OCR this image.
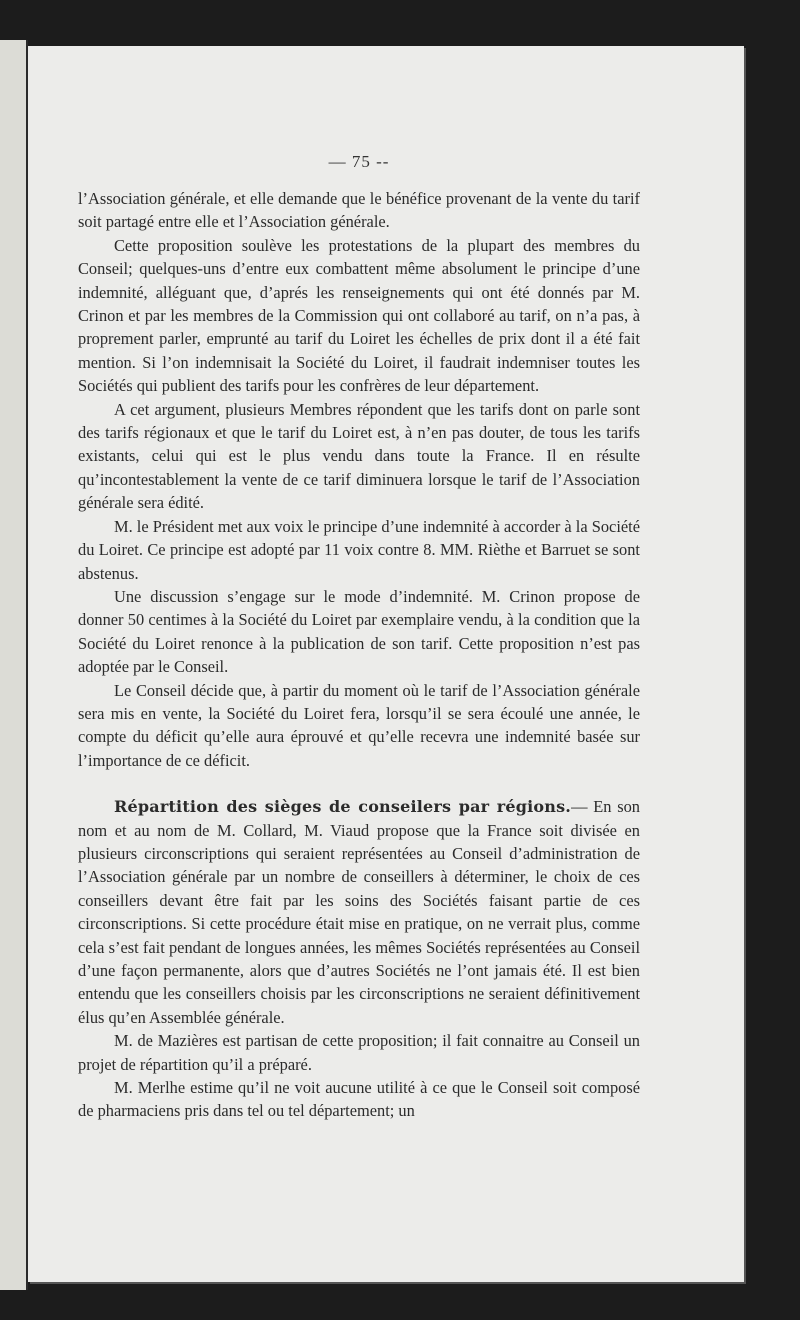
— 75 --

l’Association générale, et elle demande que le bénéfice provenant de la vente du tarif soit partagé entre elle et l’Association générale.

Cette proposition soulève les protestations de la plupart des membres du Conseil; quelques-uns d’entre eux combattent même absolument le principe d’une indemnité, alléguant que, d’aprés les renseignements qui ont été donnés par M. Crinon et par les membres de la Commission qui ont collaboré au tarif, on n’a pas, à proprement parler, emprunté au tarif du Loiret les échelles de prix dont il a été fait mention. Si l’on indemnisait la Société du Loiret, il faudrait indemniser toutes les Sociétés qui publient des tarifs pour les confrères de leur département.

A cet argument, plusieurs Membres répondent que les tarifs dont on parle sont des tarifs régionaux et que le tarif du Loiret est, à n’en pas douter, de tous les tarifs existants, celui qui est le plus vendu dans toute la France. Il en résulte qu’incontestablement la vente de ce tarif diminuera lorsque le tarif de l’Association générale sera édité.

M. le Président met aux voix le principe d’une indemnité à accorder à la Société du Loiret. Ce principe est adopté par 11 voix contre 8. MM. Rièthe et Barruet se sont abstenus.

Une discussion s’engage sur le mode d’indemnité. M. Crinon propose de donner 50 centimes à la Société du Loiret par exemplaire vendu, à la condition que la Société du Loiret renonce à la publication de son tarif. Cette proposition n’est pas adoptée par le Conseil.

Le Conseil décide que, à partir du moment où le tarif de l’Association générale sera mis en vente, la Société du Loiret fera, lorsqu’il se sera écoulé une année, le compte du déficit qu’elle aura éprouvé et qu’elle recevra une indemnité basée sur l’importance de ce déficit.

Répartition des sièges de conseilers par régions.— En son nom et au nom de M. Collard, M. Viaud propose que la France soit divisée en plusieurs circonscriptions qui seraient représentées au Conseil d’administration de l’Association générale par un nombre de conseillers à déterminer, le choix de ces conseillers devant être fait par les soins des Sociétés faisant partie de ces circonscriptions. Si cette procédure était mise en pratique, on ne verrait plus, comme cela s’est fait pendant de longues années, les mêmes Sociétés représentées au Conseil d’une façon permanente, alors que d’autres Sociétés ne l’ont jamais été. Il est bien entendu que les conseillers choisis par les circonscriptions ne seraient définitivement élus qu’en Assemblée générale.

M. de Mazières est partisan de cette proposition; il fait connaitre au Conseil un projet de répartition qu’il a préparé.

M. Merlhe estime qu’il ne voit aucune utilité à ce que le Conseil soit composé de pharmaciens pris dans tel ou tel département; un
